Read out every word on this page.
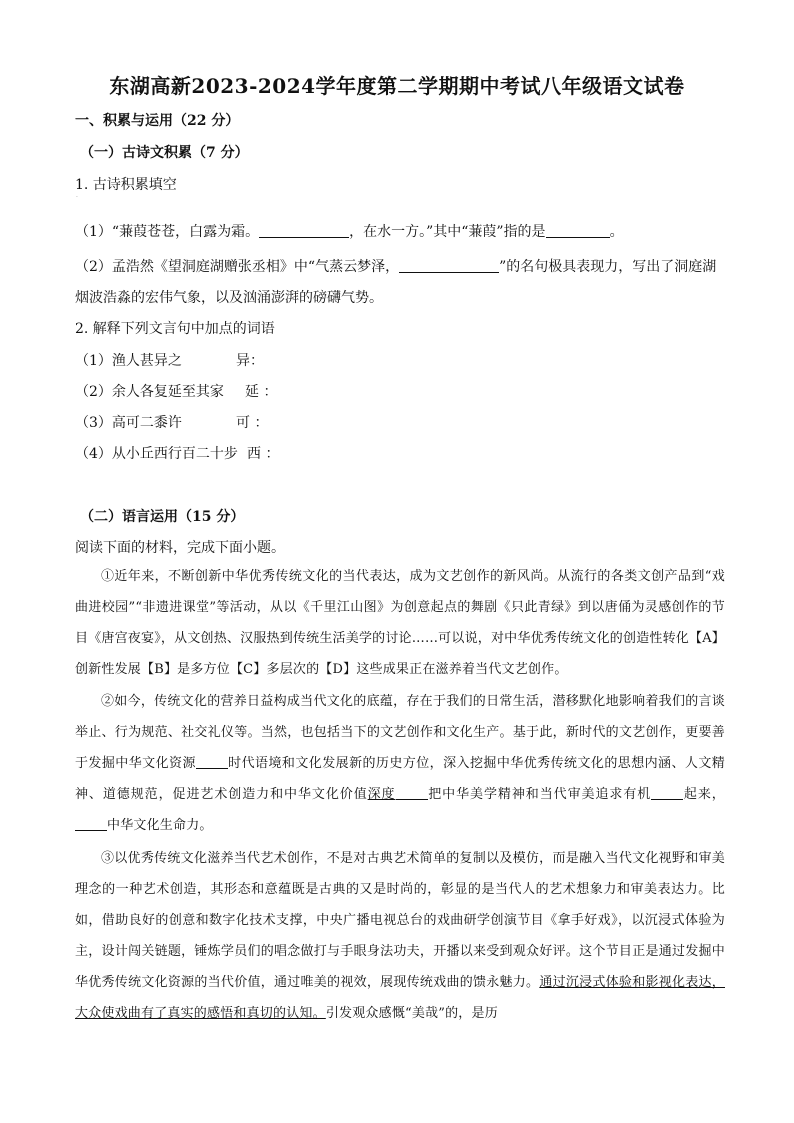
东湖高新2023-2024学年度第二学期期中考试八年级语文试卷
一、积累与运用（22 分）
（一）古诗文积累（7 分）
1. 古诗积累填空
·
（1）“蒹葭苍苍，白露为霜。	，在水一方。”其中“蒹葭”指的是	。
（2）孟浩然《望洞庭湖赠张丞相》中“气蒸云梦泽，	”的名句极具表现力，写出了洞庭湖
烟波浩淼的宏伟气象，以及汹涌澎湃的磅礴气势。
2. 解释下列文言句中加点的词语
（1）渔人甚异之	异：
（2）余人各复延至其家 延 ：
（3）高可二黍许	可 ：
（4）从小丘西行百二十步 西 ：
（二）语言运用（15 分）
阅读下面的材料，完成下面小题。
①近年来，不断创新中华优秀传统文化的当代表达，成为文艺创作的新风尚。从流行的各类文创产品到“戏曲进校园”“非遗进课堂”等活动，从以《千里江山图》为创意起点的舞剧《只此青绿》到以唐俑为灵感创作的节目《唐宫夜宴》，从文创热、汉服热到传统生活美学的讨论……可以说，对中华优秀传统文化的创造性转化【A】创新性发展【B】是多方位【C】多层次的【D】这些成果正在滋养着当代文艺创作。
②如今，传统文化的营养日益构成当代文化的底蕴，存在于我们的日常生活，潜移默化地影响着我们的言谈举止、行为规范、社交礼仪等。当然，也包括当下的文艺创作和文化生产。基于此，新时代的文艺创作，更要善于发掘中华文化资源 时代语境和文化发展新的历史方位，深入挖掘中华优秀传统文化的思想内涵、人文精神、道德规范，促进艺术创造力和中华文化价值深度 把中华美学精神和当代审美追求有机 起来，中华文化生命力。
③以优秀传统文化滋养当代艺术创作，不是对古典艺术简单的复制以及模仿，而是融入当代文化视野和审美理念的一种艺术创造，其形态和意蕴既是古典的又是时尚的，彰显的是当代人的艺术想象力和审美表达力。比如，借助良好的创意和数字化技术支撑，中央广播电视总台的戏曲研学创演节目《拿手好戏》，以沉浸式体验为主，设计闯关链题，锤炼学员们的唱念做打与手眼身法功夫，开播以来受到观众好评。这个节目正是通过发掘中华优秀传统文化资源的当代价值，通过唯美的视效，展现传统戏曲的馈永魅力。通过沉浸式体验和影视化表达，大众使戏曲有了真实的感悟和真切的认知。引发观众感慨“美哉”的，是历
